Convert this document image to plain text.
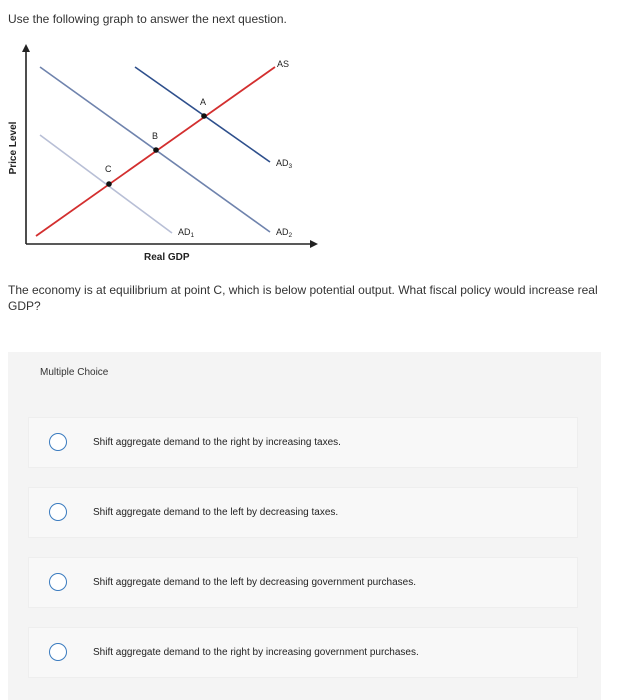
Use the following graph to answer the next question.
C
B
A
AS
$AD_3$
$AD_1$	$AD_2$
Real GDP
Price Level
The economy is at equilibrium at point C, which is below potential output. What fiscal policy would increase real GDP?
Multiple Choice
Shift aggregate demand to the right by increasing taxes.
Shift aggregate demand to the left by decreasing taxes.
Shift aggregate demand to the left by decreasing government purchases.
Shift aggregate demand to the right by increasing government purchases.
